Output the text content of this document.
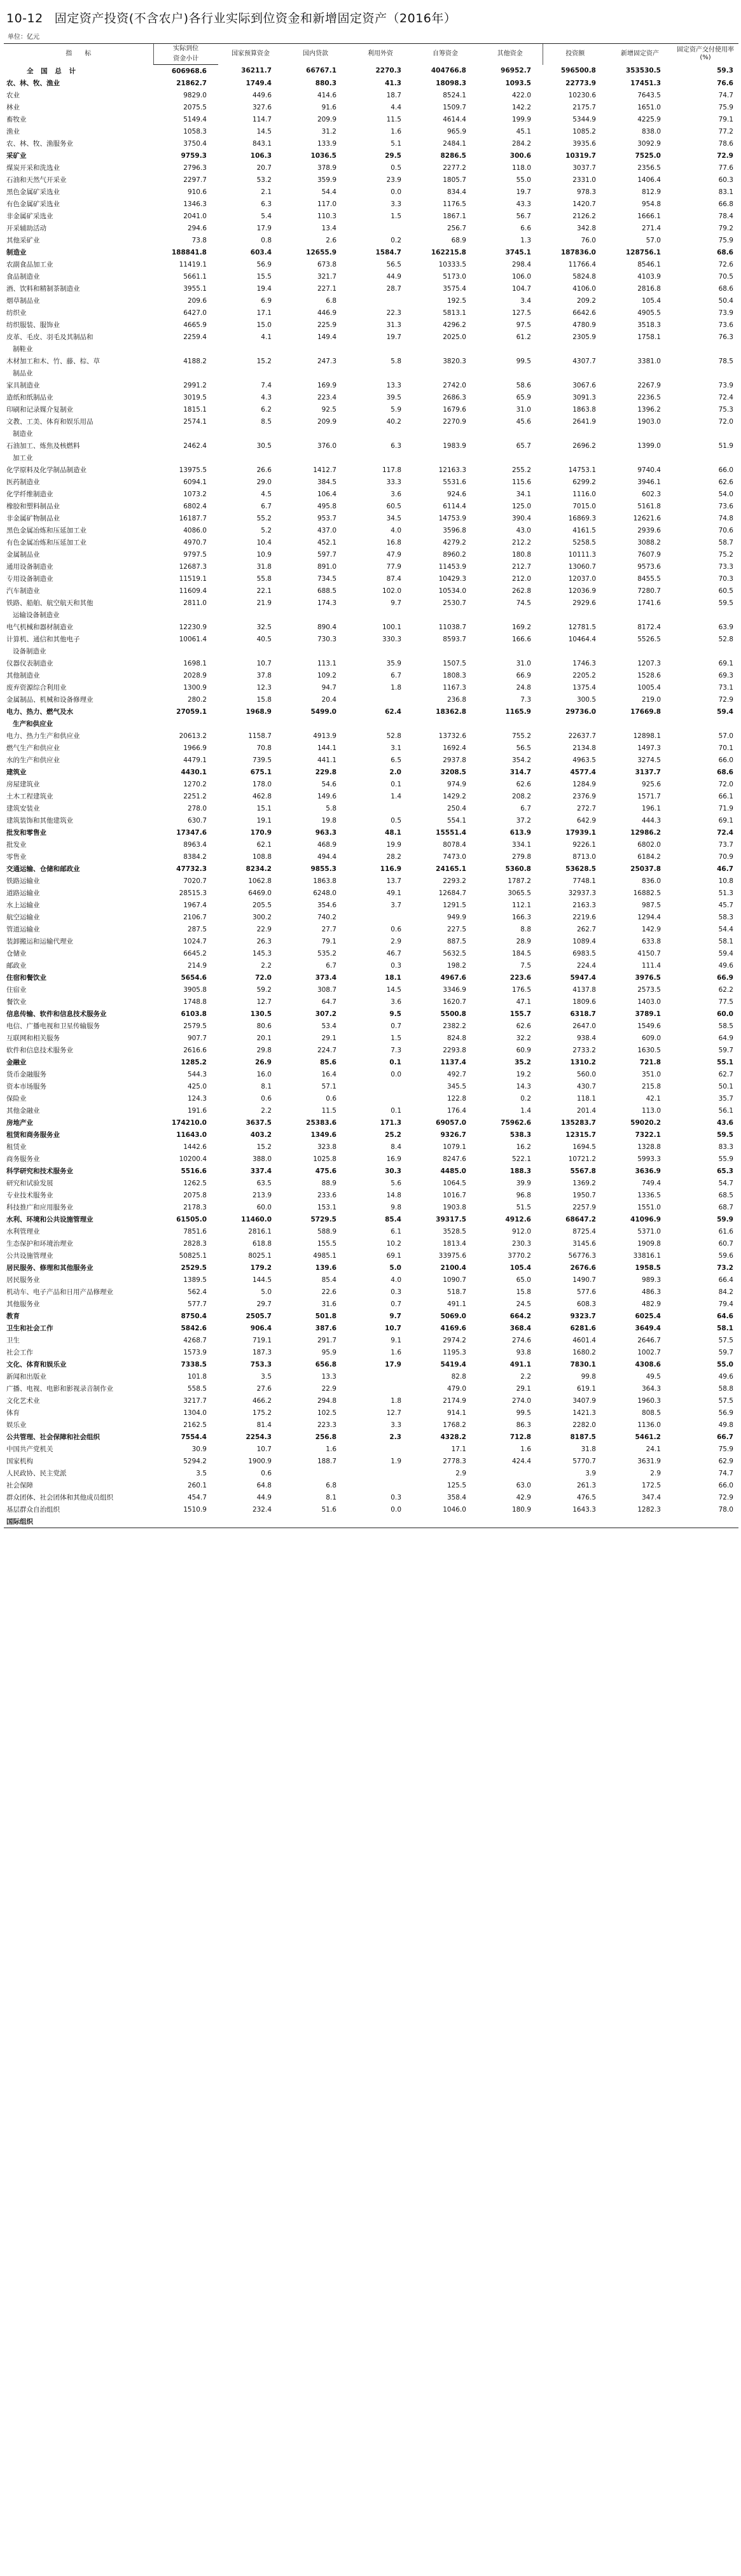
10-12 固定资产投资(不含农户)各行业实际到位资金和新增固定资产（2016年）
单位：亿元
指　　标	实际到位	国家预算资金	国内贷款	利用外资	自筹资金	其他资金	投资额	新增固定资产	固定资产交付使用率(%)
	资金小计								
全 国 总 计	606968.6	36211.7	66767.1	2270.3	404766.8	96952.7	596500.8	353530.5	59.3
农、林、牧、渔业	21862.7	1749.4	880.3	41.3	18098.3	1093.5	22773.9	17451.3	76.6
农业	9829.0	449.6	414.6	18.7	8524.1	422.0	10230.6	7643.5	74.7
林业	2075.5	327.6	91.6	4.4	1509.7	142.2	2175.7	1651.0	75.9
畜牧业	5149.4	114.7	209.9	11.5	4614.4	199.9	5344.9	4225.9	79.1
渔业	1058.3	14.5	31.2	1.6	965.9	45.1	1085.2	838.0	77.2
农、林、牧、渔服务业	3750.4	843.1	133.9	5.1	2484.1	284.2	3935.6	3092.9	78.6
采矿业	9759.3	106.3	1036.5	29.5	8286.5	300.6	10319.7	7525.0	72.9
煤炭开采和洗选业	2796.3	20.7	378.9	0.5	2277.2	118.0	3037.7	2356.5	77.6
石油和天然气开采业	2297.7	53.2	359.9	23.9	1805.7	55.0	2331.0	1406.4	60.3
黑色金属矿采选业	910.6	2.1	54.4	0.0	834.4	19.7	978.3	812.9	83.1
有色金属矿采选业	1346.3	6.3	117.0	3.3	1176.5	43.3	1420.7	954.8	66.8
非金属矿采选业	2041.0	5.4	110.3	1.5	1867.1	56.7	2126.2	1666.1	78.4
开采辅助活动	294.6	17.9	13.4		256.7	6.6	342.8	271.4	79.2
其他采矿业	73.8	0.8	2.6	0.2	68.9	1.3	76.0	57.0	75.9
制造业	188841.8	603.4	12655.9	1584.7	162215.8	3745.1	187836.0	128756.1	68.6
农副食品加工业	11419.1	56.9	673.8	56.5	10333.5	298.4	11766.4	8546.1	72.6
食品制造业	5661.1	15.5	321.7	44.9	5173.0	106.0	5824.8	4103.9	70.5
酒、饮料和精制茶制造业	3955.1	19.4	227.1	28.7	3575.4	104.7	4106.0	2816.8	68.6
烟草制品业	209.6	6.9	6.8		192.5	3.4	209.2	105.4	50.4
纺织业	6427.0	17.1	446.9	22.3	5813.1	127.5	6642.6	4905.5	73.9
纺织服装、服饰业	4665.9	15.0	225.9	31.3	4296.2	97.5	4780.9	3518.3	73.6
皮革、毛皮、羽毛及其制品和	2259.4	4.1	149.4	19.7	2025.0	61.2	2305.9	1758.1	76.3
制鞋业									
木材加工和木、竹、藤、棕、草	4188.2	15.2	247.3	5.8	3820.3	99.5	4307.7	3381.0	78.5
制品业									
家具制造业	2991.2	7.4	169.9	13.3	2742.0	58.6	3067.6	2267.9	73.9
造纸和纸制品业	3019.5	4.3	223.4	39.5	2686.3	65.9	3091.3	2236.5	72.4
印刷和记录媒介复制业	1815.1	6.2	92.5	5.9	1679.6	31.0	1863.8	1396.2	75.3
文教、工美、体育和娱乐用品	2574.1	8.5	209.9	40.2	2270.9	45.6	2641.9	1903.0	72.0
制造业									
石油加工、炼焦及核燃料	2462.4	30.5	376.0	6.3	1983.9	65.7	2696.2	1399.0	51.9
加工业									
化学原料及化学制品制造业	13975.5	26.6	1412.7	117.8	12163.3	255.2	14753.1	9740.4	66.0
医药制造业	6094.1	29.0	384.5	33.3	5531.6	115.6	6299.2	3946.1	62.6
化学纤维制造业	1073.2	4.5	106.4	3.6	924.6	34.1	1116.0	602.3	54.0
橡胶和塑料制品业	6802.4	6.7	495.8	60.5	6114.4	125.0	7015.0	5161.8	73.6
非金属矿物制品业	16187.7	55.2	953.7	34.5	14753.9	390.4	16869.3	12621.6	74.8
黑色金属冶炼和压延加工业	4086.0	5.2	437.0	4.0	3596.8	43.0	4161.5	2939.6	70.6
有色金属冶炼和压延加工业	4970.7	10.4	452.1	16.8	4279.2	212.2	5258.5	3088.2	58.7
金属制品业	9797.5	10.9	597.7	47.9	8960.2	180.8	10111.3	7607.9	75.2
通用设备制造业	12687.3	31.8	891.0	77.9	11453.9	212.7	13060.7	9573.6	73.3
专用设备制造业	11519.1	55.8	734.5	87.4	10429.3	212.0	12037.0	8455.5	70.3
汽车制造业	11609.4	22.1	688.5	102.0	10534.0	262.8	12036.9	7280.7	60.5
铁路、船舶、航空航天和其他	2811.0	21.9	174.3	9.7	2530.7	74.5	2929.6	1741.6	59.5
运输设备制造业									
电气机械和器材制造业	12230.9	32.5	890.4	100.1	11038.7	169.2	12781.5	8172.4	63.9
计算机、通信和其他电子	10061.4	40.5	730.3	330.3	8593.7	166.6	10464.4	5526.5	52.8
设备制造业									
仪器仪表制造业	1698.1	10.7	113.1	35.9	1507.5	31.0	1746.3	1207.3	69.1
其他制造业	2028.9	37.8	109.2	6.7	1808.3	66.9	2205.2	1528.6	69.3
废弃资源综合利用业	1300.9	12.3	94.7	1.8	1167.3	24.8	1375.4	1005.4	73.1
金属制品、机械和设备修理业	280.2	15.8	20.4		236.8	7.3	300.5	219.0	72.9
电力、热力、燃气及水	27059.1	1968.9	5499.0	62.4	18362.8	1165.9	29736.0	17669.8	59.4
生产和供应业									
电力、热力生产和供应业	20613.2	1158.7	4913.9	52.8	13732.6	755.2	22637.7	12898.1	57.0
燃气生产和供应业	1966.9	70.8	144.1	3.1	1692.4	56.5	2134.8	1497.3	70.1
水的生产和供应业	4479.1	739.5	441.1	6.5	2937.8	354.2	4963.5	3274.5	66.0
建筑业	4430.1	675.1	229.8	2.0	3208.5	314.7	4577.4	3137.7	68.6
房屋建筑业	1270.2	178.0	54.6	0.1	974.9	62.6	1284.9	925.6	72.0
土木工程建筑业	2251.2	462.8	149.6	1.4	1429.2	208.2	2376.9	1571.7	66.1
建筑安装业	278.0	15.1	5.8		250.4	6.7	272.7	196.1	71.9
建筑装饰和其他建筑业	630.7	19.1	19.8	0.5	554.1	37.2	642.9	444.3	69.1
批发和零售业	17347.6	170.9	963.3	48.1	15551.4	613.9	17939.1	12986.2	72.4
批发业	8963.4	62.1	468.9	19.9	8078.4	334.1	9226.1	6802.0	73.7
零售业	8384.2	108.8	494.4	28.2	7473.0	279.8	8713.0	6184.2	70.9
交通运输、仓储和邮政业	47732.3	8234.2	9855.3	116.9	24165.1	5360.8	53628.5	25037.8	46.7
铁路运输业	7020.7	1062.8	1863.8	13.7	2293.2	1787.2	7748.1	836.0	10.8
道路运输业	28515.3	6469.0	6248.0	49.1	12684.7	3065.5	32937.3	16882.5	51.3
水上运输业	1967.4	205.5	354.6	3.7	1291.5	112.1	2163.3	987.5	45.7
航空运输业	2106.7	300.2	740.2		949.9	166.3	2219.6	1294.4	58.3
管道运输业	287.5	22.9	27.7	0.6	227.5	8.8	262.7	142.9	54.4
装卸搬运和运输代理业	1024.7	26.3	79.1	2.9	887.5	28.9	1089.4	633.8	58.1
仓储业	6645.2	145.3	535.2	46.7	5632.5	184.5	6983.5	4150.7	59.4
邮政业	214.9	2.2	6.7	0.3	198.2	7.5	224.4	111.4	49.6
住宿和餐饮业	5654.6	72.0	373.4	18.1	4967.6	223.6	5947.4	3976.5	66.9
住宿业	3905.8	59.2	308.7	14.5	3346.9	176.5	4137.8	2573.5	62.2
餐饮业	1748.8	12.7	64.7	3.6	1620.7	47.1	1809.6	1403.0	77.5
信息传输、软件和信息技术服务业	6103.8	130.5	307.2	9.5	5500.8	155.7	6318.7	3789.1	60.0
电信、广播电视和卫星传输服务	2579.5	80.6	53.4	0.7	2382.2	62.6	2647.0	1549.6	58.5
互联网和相关服务	907.7	20.1	29.1	1.5	824.8	32.2	938.4	609.0	64.9
软件和信息技术服务业	2616.6	29.8	224.7	7.3	2293.8	60.9	2733.2	1630.5	59.7
金融业	1285.2	26.9	85.6	0.1	1137.4	35.2	1310.2	721.8	55.1
货币金融服务	544.3	16.0	16.4	0.0	492.7	19.2	560.0	351.0	62.7
资本市场服务	425.0	8.1	57.1		345.5	14.3	430.7	215.8	50.1
保险业	124.3	0.6	0.6		122.8	0.2	118.1	42.1	35.7
其他金融业	191.6	2.2	11.5	0.1	176.4	1.4	201.4	113.0	56.1
房地产业	174210.0	3637.5	25383.6	171.3	69057.0	75962.6	135283.7	59020.2	43.6
租赁和商务服务业	11643.0	403.2	1349.6	25.2	9326.7	538.3	12315.7	7322.1	59.5
租赁业	1442.6	15.2	323.8	8.4	1079.1	16.2	1694.5	1328.8	83.3
商务服务业	10200.4	388.0	1025.8	16.9	8247.6	522.1	10721.2	5993.3	55.9
科学研究和技术服务业	5516.6	337.4	475.6	30.3	4485.0	188.3	5567.8	3636.9	65.3
研究和试验发展	1262.5	63.5	88.9	5.6	1064.5	39.9	1369.2	749.4	54.7
专业技术服务业	2075.8	213.9	233.6	14.8	1016.7	96.8	1950.7	1336.5	68.5
科技推广和应用服务业	2178.3	60.0	153.1	9.8	1903.8	51.5	2257.9	1551.0	68.7
水利、环境和公共设施管理业	61505.0	11460.0	5729.5	85.4	39317.5	4912.6	68647.2	41096.9	59.9
水利管理业	7851.6	2816.1	588.9	6.1	3528.5	912.0	8725.4	5371.0	61.6
生态保护和环境治理业	2828.3	618.8	155.5	10.2	1813.4	230.3	3145.6	1909.8	60.7
公共设施管理业	50825.1	8025.1	4985.1	69.1	33975.6	3770.2	56776.3	33816.1	59.6
居民服务、修理和其他服务业	2529.5	179.2	139.6	5.0	2100.4	105.4	2676.6	1958.5	73.2
居民服务业	1389.5	144.5	85.4	4.0	1090.7	65.0	1490.7	989.3	66.4
机动车、电子产品和日用产品修理业	562.4	5.0	22.6	0.3	518.7	15.8	577.6	486.3	84.2
其他服务业	577.7	29.7	31.6	0.7	491.1	24.5	608.3	482.9	79.4
教育	8750.4	2505.7	501.8	9.7	5069.0	664.2	9323.7	6025.4	64.6
卫生和社会工作	5842.6	906.4	387.6	10.7	4169.6	368.4	6281.6	3649.4	58.1
卫生	4268.7	719.1	291.7	9.1	2974.2	274.6	4601.4	2646.7	57.5
社会工作	1573.9	187.3	95.9	1.6	1195.3	93.8	1680.2	1002.7	59.7
文化、体育和娱乐业	7338.5	753.3	656.8	17.9	5419.4	491.1	7830.1	4308.6	55.0
新闻和出版业	101.8	3.5	13.3		82.8	2.2	99.8	49.5	49.6
广播、电视、电影和影视录音制作业	558.5	27.6	22.9		479.0	29.1	619.1	364.3	58.8
文化艺术业	3217.7	466.2	294.8	1.8	2174.9	274.0	3407.9	1960.3	57.5
体育	1304.0	175.2	102.5	12.7	914.1	99.5	1421.3	808.5	56.9
娱乐业	2162.5	81.4	223.3	3.3	1768.2	86.3	2282.0	1136.0	49.8
公共管理、社会保障和社会组织	7554.4	2254.3	256.8	2.3	4328.2	712.8	8187.5	5461.2	66.7
中国共产党机关	30.9	10.7	1.6		17.1	1.6	31.8	24.1	75.9
国家机构	5294.2	1900.9	188.7	1.9	2778.3	424.4	5770.7	3631.9	62.9
人民政协、民主党派	3.5	0.6			2.9		3.9	2.9	74.7
社会保障	260.1	64.8	6.8		125.5	63.0	261.3	172.5	66.0
群众团体、社会团体和其他成员组织	454.7	44.9	8.1	0.3	358.4	42.9	476.5	347.4	72.9
基层群众自治组织	1510.9	232.4	51.6	0.0	1046.0	180.9	1643.3	1282.3	78.0
国际组织									
